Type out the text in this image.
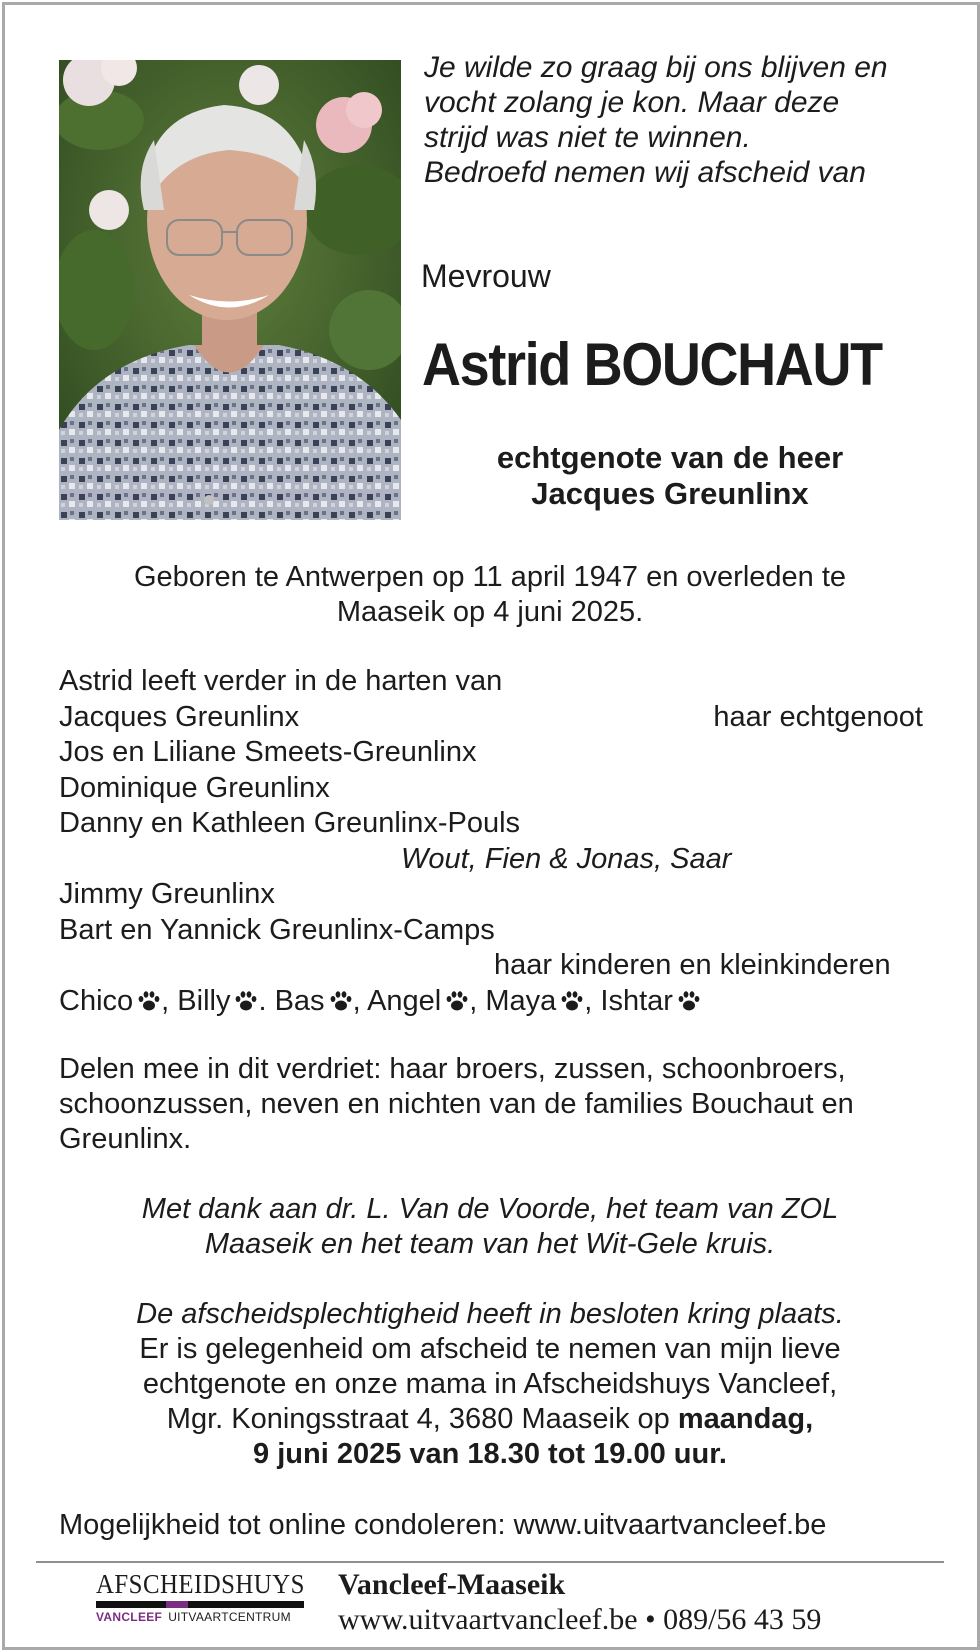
Je wilde zo graag bij ons blijven en
vocht zolang je kon. Maar deze
strijd was niet te winnen.
Bedroefd nemen wij afscheid van
Mevrouw
Astrid BOUCHAUT
echtgenote van de heer
Jacques Greunlinx
Geboren te Antwerpen op 11 april 1947 en overleden te
Maaseik op 4 juni 2025.
Astrid leeft verder in de harten van
Jacques Greunlinx	haar echtgenoot
Jos en Liliane Smeets-Greunlinx
Dominique Greunlinx
Danny en Kathleen Greunlinx-Pouls
Wout, Fien & Jonas, Saar
Jimmy Greunlinx
Bart en Yannick Greunlinx-Camps
haar kinderen en kleinkinderen
Chico , Billy . Bas , Angel , Maya , Ishtar
Delen mee in dit verdriet: haar broers, zussen, schoonbroers,
schoonzussen, neven en nichten van de families Bouchaut en
Greunlinx.
Met dank aan dr. L. Van de Voorde, het team van ZOL
Maaseik en het team van het Wit-Gele kruis.
De afscheidsplechtigheid heeft in besloten kring plaats.
Er is gelegenheid om afscheid te nemen van mijn lieve
echtgenote en onze mama in Afscheidshuys Vancleef,
Mgr. Koningsstraat 4, 3680 Maaseik op maandag,
9 juni 2025 van 18.30 tot 19.00 uur.
Mogelijkheid tot online condoleren: www.uitvaartvancleef.be
AFSCHEIDSHUYS
VANCLEEF UITVAARTCENTRUM
Vancleef-Maaseik
www.uitvaartvancleef.be • 089/56 43 59
